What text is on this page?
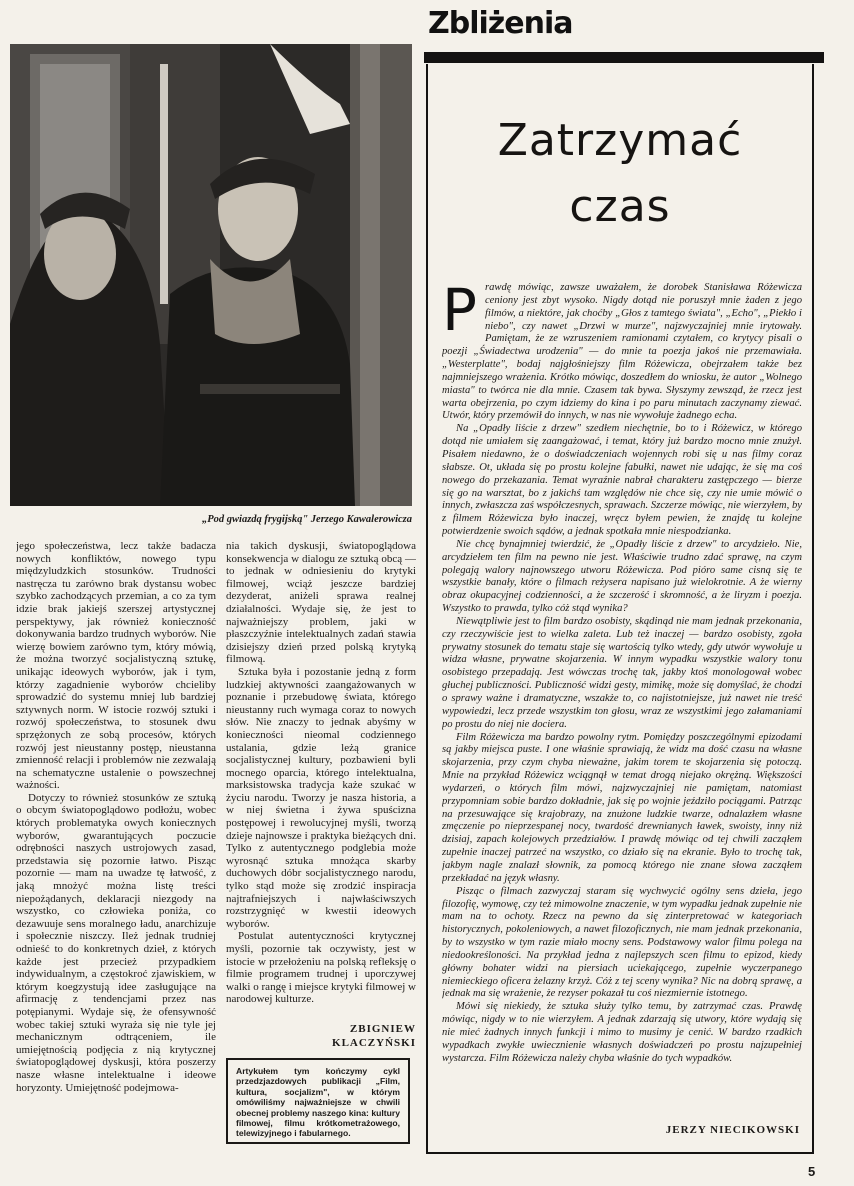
Zbliżenia
„Pod gwiazdą frygijską" Jerzego Kawalerowicza
Zatrzymać
czas

Prawdę mówiąc, zawsze uważałem, że dorobek Stanisława Różewicza ceniony jest zbyt wysoko. Nigdy dotąd nie poruszył mnie żaden z jego filmów, a niektóre, jak choćby „Głos z tamtego świata", „Echo", „Piekło i niebo", czy nawet „Drzwi w murze", najzwyczajniej mnie irytowały. Pamiętam, że ze wzruszeniem ramionami czytałem, co krytycy pisali o poezji „Świadectwa urodzenia" — do mnie ta poezja jakoś nie przemawiała. „Westerplatte", bodaj najgłośniejszy film Różewicza, obejrzałem także bez najmniejszego wrażenia. Krótko mówiąc, doszedłem do wniosku, że autor „Wolnego miasta" to twórca nie dla mnie. Czasem tak bywa. Słyszymy zewsząd, że rzecz jest warta obejrzenia, po czym idziemy do kina i po paru minutach zaczynamy ziewać. Utwór, który przemówił do innych, w nas nie wywołuje żadnego echa.

Na „Opadły liście z drzew" szedłem niechętnie, bo to i Różewicz, w którego dotąd nie umiałem się zaangażować, i temat, który już bardzo mocno mnie znużył. Pisałem niedawno, że o doświadczeniach wojennych robi się u nas filmy coraz słabsze. Ot, układa się po prostu kolejne fabułki, nawet nie udając, że się ma coś nowego do przekazania. Temat wyraźnie nabrał charakteru zastępczego — bierze się go na warsztat, bo z jakichś tam względów nie chce się, czy nie umie mówić o innych, zwłaszcza zaś współczesnych, sprawach. Szczerze mówiąc, nie wierzyłem, by z filmem Różewicza było inaczej, wręcz byłem pewien, że znajdę tu kolejne potwierdzenie swoich sądów, a jednak spotkała mnie niespodzianka.

Nie chcę bynajmniej twierdzić, że „Opadły liście z drzew" to arcydzieło. Nie, arcydziełem ten film na pewno nie jest. Właściwie trudno zdać sprawę, na czym polegają walory najnowszego utworu Różewicza. Pod pióro same cisną się te wszystkie banały, które o filmach reżysera napisano już wielokrotnie. A że wierny obraz okupacyjnej codzienności, a że szczerość i skromność, a że liryzm i poezja. Wszystko to prawda, tylko cóż stąd wynika?

Niewątpliwie jest to film bardzo osobisty, skądinąd nie mam jednak przekonania, czy rzeczywiście jest to wielka zaleta. Lub też inaczej — bardzo osobisty, zgoła prywatny stosunek do tematu staje się wartością tylko wtedy, gdy utwór wywołuje u widza własne, prywatne skojarzenia. W innym wypadku wszystkie walory tonu osobistego przepadają. Jest wówczas trochę tak, jakby ktoś monologował wobec głuchej publiczności. Publiczność widzi gesty, mimikę, może się domyślać, że chodzi o sprawy ważne i dramatyczne, wszakże to, co najistotniejsze, już nawet nie treść wypowiedzi, lecz przede wszystkim ton głosu, wraz ze wszystkimi jego załamaniami po prostu do niej nie dociera.

Film Różewicza ma bardzo powolny rytm. Pomiędzy poszczególnymi epizodami są jakby miejsca puste. I one właśnie sprawiają, że widz ma dość czasu na własne skojarzenia, przy czym chyba nieważne, jakim torem te skojarzenia się potoczą. Mnie na przykład Różewicz wciągnął w temat drogą niejako okrężną. Większości wydarzeń, o których film mówi, najzwyczajniej nie pamiętam, natomiast przypomniam sobie bardzo dokładnie, jak się po wojnie jeździło pociągami. Patrząc na przesuwające się krajobrazy, na znużone ludzkie twarze, odnalazłem własne zmęczenie po nieprzespanej nocy, twardość drewnianych ławek, swoisty, inny niż dzisiaj, zapach kolejowych przedziałów. I prawdę mówiąc od tej chwili zacząłem zupełnie inaczej patrzeć na wszystko, co działo się na ekranie. Było to trochę tak, jakbym nagle znalazł słownik, za pomocą którego nie znane słowa zacząłem przekładać na język własny.

Pisząc o filmach zazwyczaj staram się wychwycić ogólny sens dzieła, jego filozofię, wymowę, czy też mimowolne znaczenie, w tym wypadku jednak zupełnie nie mam na to ochoty. Rzecz na pewno da się zinterpretować w kategoriach historycznych, pokoleniowych, a nawet filozoficznych, nie mam jednak przekonania, by to wszystko w tym razie miało mocny sens. Podstawowy walor filmu polega na niedookreśloności. Na przykład jedna z najlepszych scen filmu to epizod, kiedy główny bohater widzi na piersiach uciekającego, zupełnie wyczerpanego niemieckiego oficera żelazny krzyż. Cóż z tej sceny wynika? Nic na dobrą sprawę, a jednak ma się wrażenie, że rezyser pokazał tu coś niezmiernie istotnego.

Mówi się niekiedy, że sztuka służy tylko temu, by zatrzymać czas. Prawdę mówiąc, nigdy w to nie wierzyłem. A jednak zdarzają się utwory, które wydają się nie mieć żadnych innych funkcji i mimo to musimy je cenić. W bardzo rzadkich wypadkach zwykłe uwiecznienie własnych doświadczeń po prostu najzupełniej wystarcza. Film Różewicza należy chyba właśnie do tych wypadków.

JERZY NIECIKOWSKI

jego społeczeństwa, lecz także badacza nowych konfliktów, nowego typu międzyludzkich stosunków. Trudności nastręcza tu zarówno brak dystansu wobec szybko zachodzących przemian, a co za tym idzie brak jakiejś szerszej artystycznej perspektywy, jak również konieczność dokonywania bardzo trudnych wyborów. Nie wierzę bowiem zarówno tym, który mówią, że można tworzyć socjalistyczną sztukę, unikając ideowych wyborów, jak i tym, którzy zagadnienie wyborów chcieliby sprowadzić do systemu mniej lub bardziej sztywnych norm. W istocie rozwój sztuki i rozwój społeczeństwa, to stosunek dwu sprzężonych ze sobą procesów, których rozwój jest nieustanny postęp, nieustanna zmienność relacji i problemów nie zezwalają na schematyczne ustalenie o powszechnej ważności.

Dotyczy to również stosunków ze sztuką o obcym światopoglądowo podłożu, wobec których problematyka owych koniecznych wyborów, gwarantujących poczucie odrębności naszych ustrojowych zasad, przedstawia się pozornie łatwo. Pisząc pozornie — mam na uwadze tę łatwość, z jaką mnożyć można listę treści niepożądanych, deklaracji niezgody na wszystko, co człowieka poniża, co dezawuuje sens moralnego ładu, anarchizuje i społecznie niszczy. Ileż jednak trudniej odnieść to do konkretnych dzieł, z których każde jest przecież przypadkiem indywidualnym, a częstokroć zjawiskiem, w którym koegzystują idee zasługujące na afirmację z tendencjami przez nas potępianymi. Wydaje się, że ofensywność wobec takiej sztuki wyraża się nie tyle jej mechanicznym odtrąceniem, ile umiejętnością podjęcia z nią krytycznej światopoglądowej dyskusji, która poszerzy nasze własne intelektualne i ideowe horyzonty. Umiejętność podejmowa-

nia takich dyskusji, światopoglądowa konsekwencja w dialogu ze sztuką obcą — to jednak w odniesieniu do krytyki filmowej, wciąż jeszcze bardziej dezyderat, aniżeli sprawa realnej działalności. Wydaje się, że jest to najważniejszy problem, jaki w płaszczyźnie intelektualnych zadań stawia dzisiejszy dzień przed polską krytyką filmową.

Sztuka była i pozostanie jedną z form ludzkiej aktywności zaangażowanych w poznanie i przebudowę świata, którego nieustanny ruch wymaga coraz to nowych słów. Nie znaczy to jednak abyśmy w konieczności nieomal codziennego ustalania, gdzie leżą granice socjalistycznej kultury, pozbawieni byli mocnego oparcia, którego intelektualna, marksistowska tradycja każe szukać w życiu narodu. Tworzy je nasza historia, a w niej świetna i żywa spuścizna postępowej i rewolucyjnej myśli, tworzą dzieje najnowsze i praktyka bieżących dni. Tylko z autentycznego podglebia może wyrosnąć sztuka mnożąca skarby duchowych dóbr socjalistycznego narodu, tylko stąd może się zrodzić inspiracja najtrafniejszych i najwłaściwszych rozstrzygnięć w kwestii ideowych wyborów.

Postulat autentyczności krytycznej myśli, pozornie tak oczywisty, jest w istocie w przełożeniu na polską refleksję o filmie programem trudnej i uporczywej walki o rangę i miejsce krytyki filmowej w narodowej kulturze.

ZBIGNIEW
KLACZYŃSKI
Artykułem tym kończymy cykl przedzjazdowych publikacji „Film, kultura, socjalizm", w którym omówiliśmy najważniejsze w chwili obecnej problemy naszego kina: kultury filmowej, filmu krótkometrażowego, telewizyjnego i fabularnego.
5
